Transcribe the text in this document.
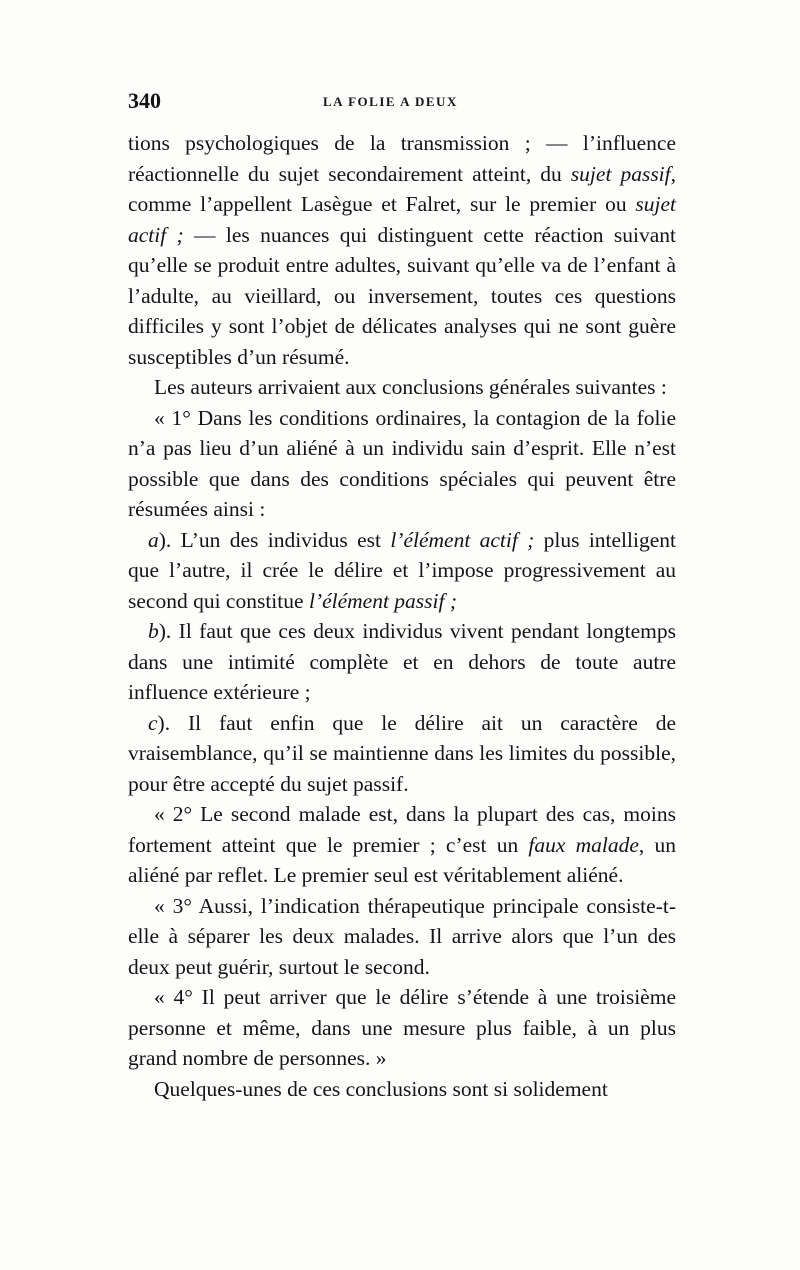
340	LA FOLIE A DEUX

tions psychologiques de la transmission ; — l’influence réactionnelle du sujet secondairement atteint, du sujet passif, comme l’appellent Lasègue et Falret, sur le premier ou sujet actif ; — les nuances qui distinguent cette réaction suivant qu’elle se produit entre adultes, suivant qu’elle va de l’enfant à l’adulte, au vieillard, ou inversement, toutes ces questions difficiles y sont l’objet de délicates analyses qui ne sont guère susceptibles d’un résumé.

Les auteurs arrivaient aux conclusions générales suivantes :

« 1° Dans les conditions ordinaires, la contagion de la folie n’a pas lieu d’un aliéné à un individu sain d’esprit. Elle n’est possible que dans des conditions spéciales qui peuvent être résumées ainsi :

a). L’un des individus est l’élément actif ; plus intelligent que l’autre, il crée le délire et l’impose progressivement au second qui constitue l’élément passif ;

b). Il faut que ces deux individus vivent pendant longtemps dans une intimité complète et en dehors de toute autre influence extérieure ;

c). Il faut enfin que le délire ait un caractère de vraisemblance, qu’il se maintienne dans les limites du possible, pour être accepté du sujet passif.

« 2° Le second malade est, dans la plupart des cas, moins fortement atteint que le premier ; c’est un faux malade, un aliéné par reflet. Le premier seul est véritablement aliéné.

« 3° Aussi, l’indication thérapeutique principale consiste-t-elle à séparer les deux malades. Il arrive alors que l’un des deux peut guérir, surtout le second.

« 4° Il peut arriver que le délire s’étende à une troisième personne et même, dans une mesure plus faible, à un plus grand nombre de personnes. »

Quelques-unes de ces conclusions sont si solidement
